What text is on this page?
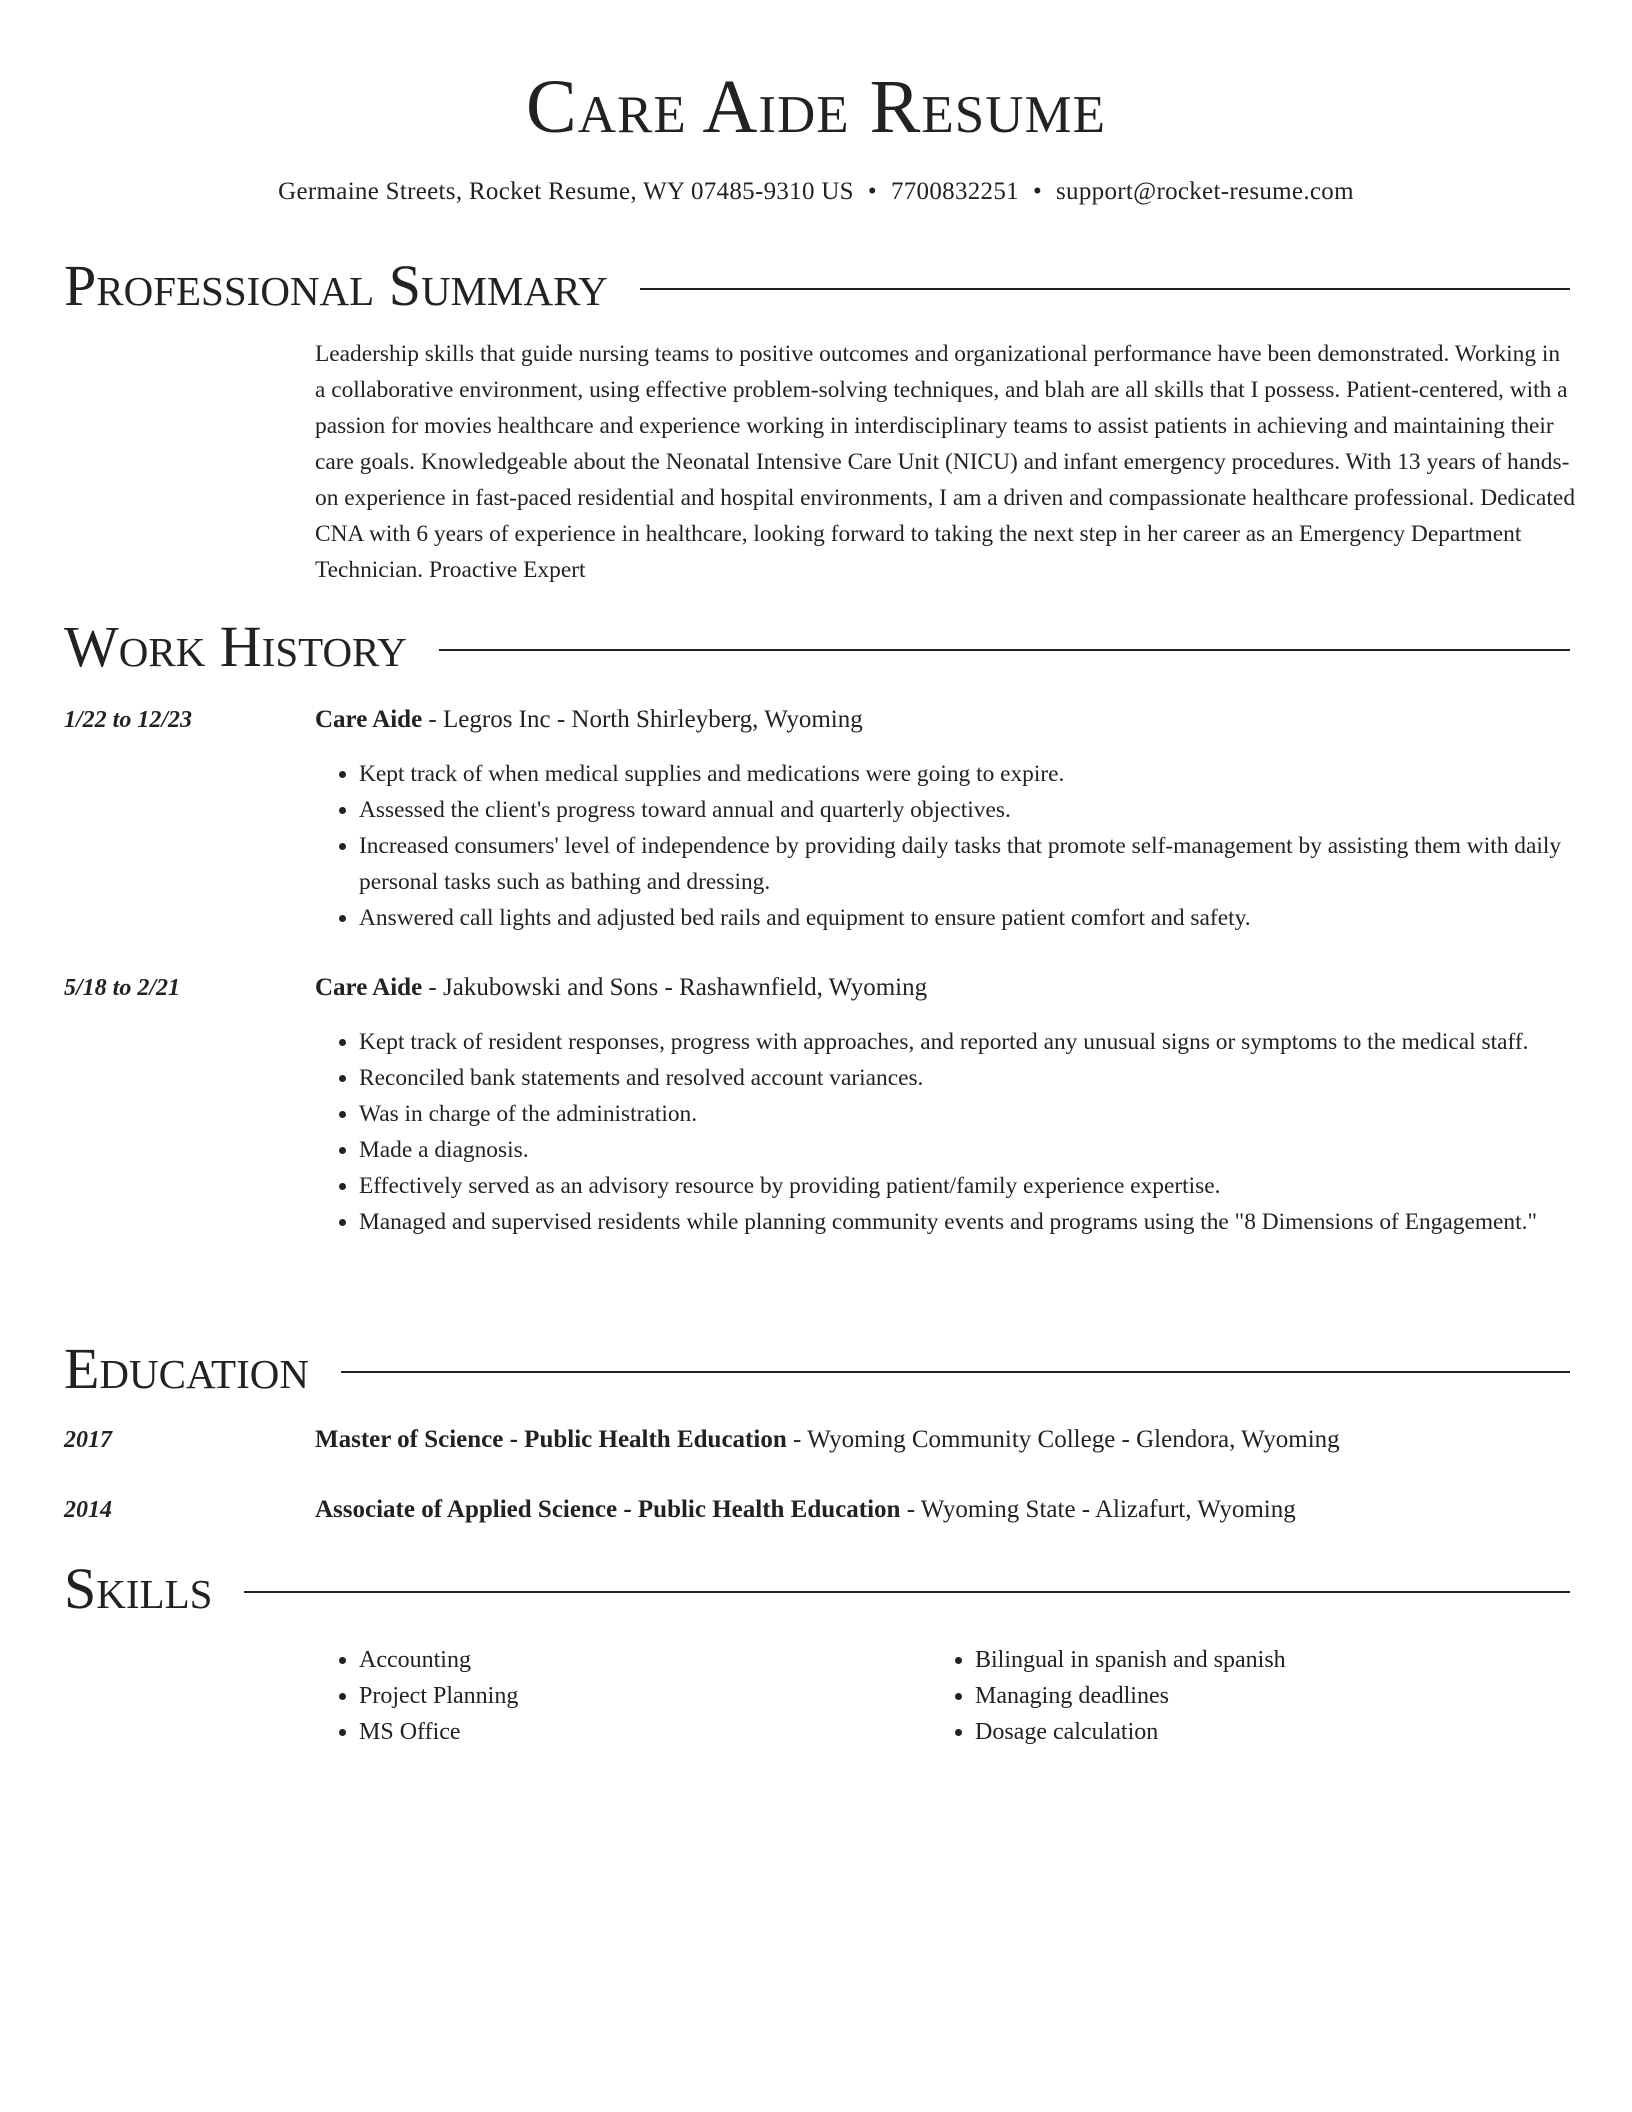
Care Aide Resume

Germaine Streets, Rocket Resume, WY 07485-9310 US • 7700832251 • support@rocket-resume.com

Professional Summary

Leadership skills that guide nursing teams to positive outcomes and organizational performance have been demonstrated. Working in a collaborative environment, using effective problem-solving techniques, and blah are all skills that I possess. Patient-centered, with a passion for movies healthcare and experience working in interdisciplinary teams to assist patients in achieving and maintaining their care goals. Knowledgeable about the Neonatal Intensive Care Unit (NICU) and infant emergency procedures. With 13 years of hands-on experience in fast-paced residential and hospital environments, I am a driven and compassionate healthcare professional. Dedicated CNA with 6 years of experience in healthcare, looking forward to taking the next step in her career as an Emergency Department Technician. Proactive Expert

Work History
1/22 to 12/23	Care Aide - Legros Inc - North Shirleyberg, Wyoming
• Kept track of when medical supplies and medications were going to expire.
• Assessed the client's progress toward annual and quarterly objectives.
• Increased consumers' level of independence by providing daily tasks that promote self-management by assisting them with daily personal tasks such as bathing and dressing.
• Answered call lights and adjusted bed rails and equipment to ensure patient comfort and safety.
5/18 to 2/21	Care Aide - Jakubowski and Sons - Rashawnfield, Wyoming
• Kept track of resident responses, progress with approaches, and reported any unusual signs or symptoms to the medical staff.
• Reconciled bank statements and resolved account variances.
• Was in charge of the administration.
• Made a diagnosis.
• Effectively served as an advisory resource by providing patient/family experience expertise.
• Managed and supervised residents while planning community events and programs using the "8 Dimensions of Engagement."
Education
2017	Master of Science - Public Health Education - Wyoming Community College - Glendora, Wyoming
2014	Associate of Applied Science - Public Health Education - Wyoming State - Alizafurt, Wyoming
Skills
• Accounting
• Project Planning
• MS Office
• Bilingual in spanish and spanish
• Managing deadlines
• Dosage calculation
